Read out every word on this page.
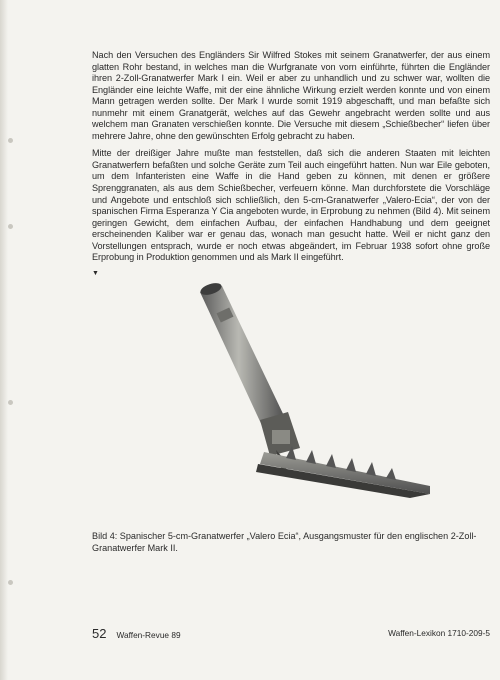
Nach den Versuchen des Engländers Sir Wilfred Stokes mit seinem Granatwerfer, der aus einem glatten Rohr bestand, in welches man die Wurfgranate von vorn einführte, führten die Engländer ihren 2-Zoll-Granatwerfer Mark I ein. Weil er aber zu unhandlich und zu schwer war, wollten die Engländer eine leichte Waffe, mit der eine ähnliche Wirkung erzielt werden konnte und von einem Mann getragen werden sollte. Der Mark I wurde somit 1919 abgeschafft, und man befaßte sich nunmehr mit einem Granatgerät, welches auf das Gewehr angebracht werden sollte und aus welchem man Granaten verschießen konnte. Die Versuche mit diesem „Schießbecher“ liefen über mehrere Jahre, ohne den gewünschten Erfolg gebracht zu haben.

Mitte der dreißiger Jahre mußte man feststellen, daß sich die anderen Staaten mit leichten Granatwerfern befaßten und solche Geräte zum Teil auch eingeführt hatten. Nun war Eile geboten, um dem Infanteristen eine Waffe in die Hand geben zu können, mit denen er größere Sprenggranaten, als aus dem Schießbecher, verfeuern könne. Man durchforstete die Vorschläge und Angebote und entschloß sich schließlich, den 5-cm-Granatwerfer „Valero-Ecia“, der von der spanischen Firma Esperanza Y Cia angeboten wurde, in Erprobung zu nehmen (Bild 4). Mit seinem geringen Gewicht, dem einfachen Aufbau, der einfachen Handhabung und dem geeignet erscheinenden Kaliber war er genau das, wonach man gesucht hatte. Weil er nicht ganz den Vorstellungen entsprach, wurde er noch etwas abgeändert, im Februar 1938 sofort ohne große Erprobung in Produktion genommen und als Mark II eingeführt.

▼
Bild 4: Spanischer 5-cm-Granatwerfer „Valero Ecia“, Ausgangsmuster für den englischen 2-Zoll-Granatwerfer Mark II.
52 Waffen-Revue 89	Waffen-Lexikon 1710-209-5
